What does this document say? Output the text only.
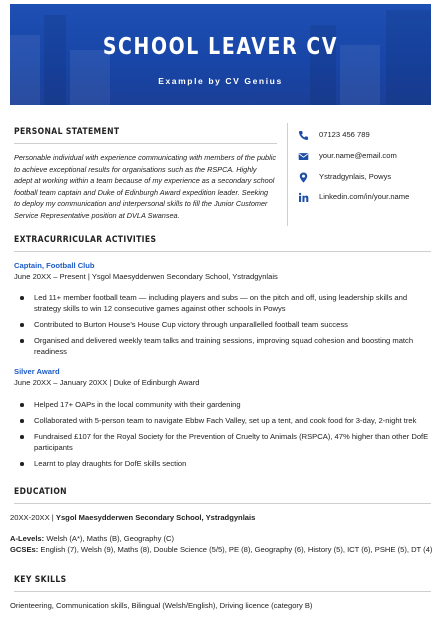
SCHOOL LEAVER CV
Example by CV Genius
PERSONAL STATEMENT
Personable individual with experience communicating with members of the public to achieve exceptional results for organisations such as the RSPCA. Highly adept at working within a team because of my experience as a secondary school football team captain and Duke of Edinburgh Award expedition leader. Seeking to deploy my communication and interpersonal skills to fill the Junior Customer Service Representative position at DVLA Swansea.
07123 456 789
your.name@email.com
Ystradgynlais, Powys
Linkedin.com/in/your.name
EXTRACURRICULAR ACTIVITIES
Captain, Football Club
June 20XX – Present | Ysgol Maesydderwen Secondary School, Ystradgynlais
Led 11+ member football team — including players and subs — on the pitch and off, using leadership skills and strategy skills to win 12 consecutive games against other schools in Powys
Contributed to Burton House’s House Cup victory through unparallelled football team success
Organised and delivered weekly team talks and training sessions, improving squad cohesion and boosting match readiness
Silver Award
June 20XX – January 20XX | Duke of Edinburgh Award
Helped 17+ OAPs in the local community with their gardening
Collaborated with 5-person team to navigate Ebbw Fach Valley, set up a tent, and cook food for 3-day, 2-night trek
Fundraised £107 for the Royal Society for the Prevention of Cruelty to Animals (RSPCA), 47% higher than other DofE participants
Learnt to play draughts for DofE skills section
EDUCATION
20XX-20XX | Ysgol Maesydderwen Secondary School, Ystradgynlais
A-Levels: Welsh (A*), Maths (B), Geography (C)
GCSEs: English (7), Welsh (9), Maths (8), Double Science (5/5), PE (8), Geography (6), History (5), ICT (6), PSHE (5), DT (4)
KEY SKILLS
Orienteering, Communication skills, Bilingual (Welsh/English), Driving licence (category B)
